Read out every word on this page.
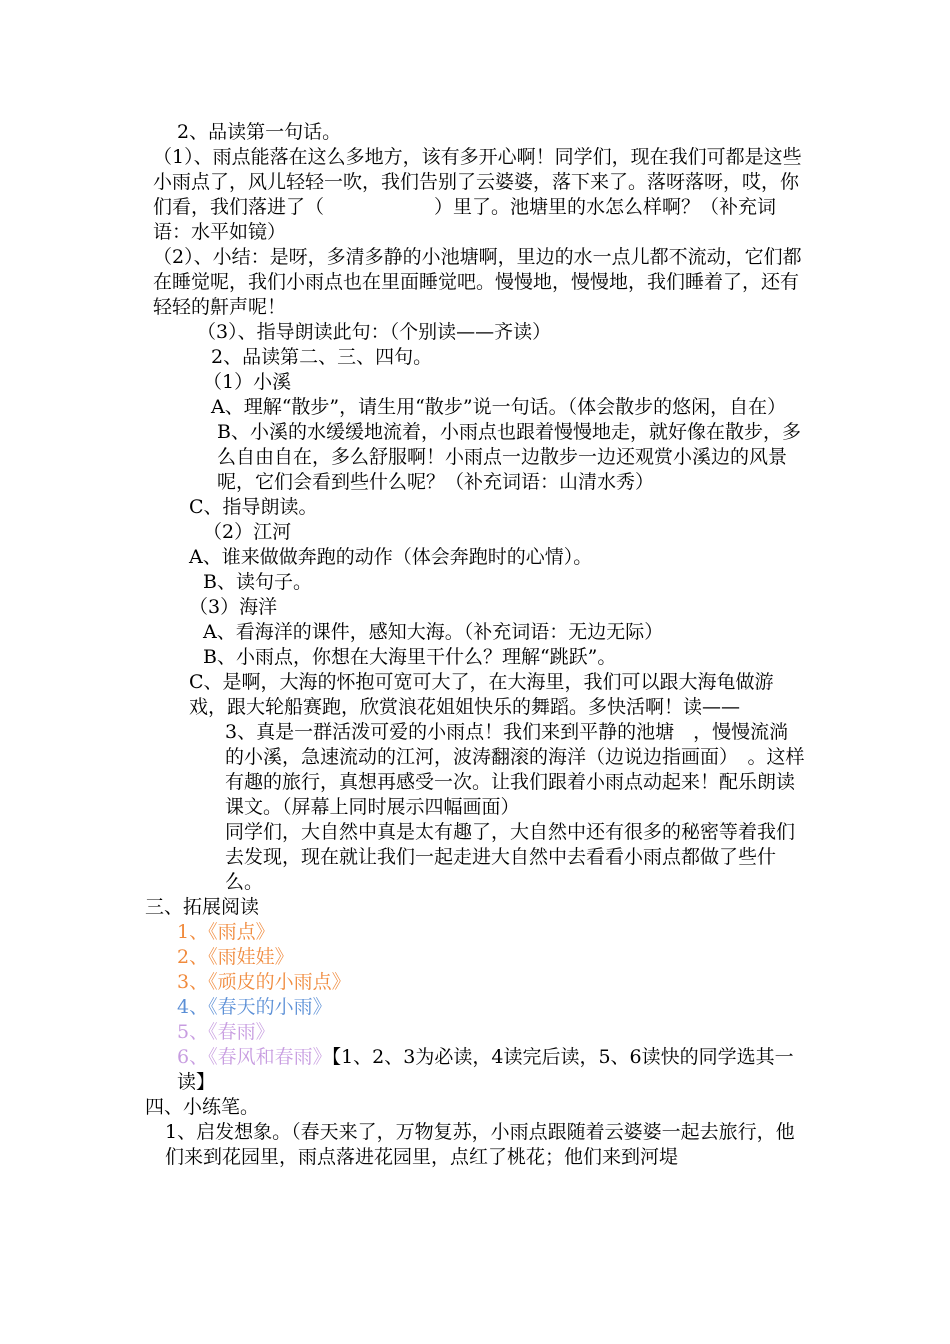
2、品读第一句话。

（1）、雨点能落在这么多地方，该有多开心啊！同学们，现在我们可都是这些小雨点了，风儿轻轻一吹，我们告别了云婆婆，落下来了。落呀落呀，哎，你们看，我们落进了（	）里了。池塘里的水怎么样啊？（补充词语：水平如镜）

（2）、小结：是呀，多清多静的小池塘啊，里边的水一点儿都不流动，它们都在睡觉呢，我们小雨点也在里面睡觉吧。慢慢地，慢慢地，我们睡着了，还有轻轻的鼾声呢！

（3）、指导朗读此句：（个别读——齐读）

2、品读第二、三、四句。

（1）小溪

A、理解“散步”，请生用“散步”说一句话。（体会散步的悠闲，自在）

B、小溪的水缓缓地流着，小雨点也跟着慢慢地走，就好像在散步，多么自由自在，多么舒服啊！小雨点一边散步一边还观赏小溪边的风景呢，它们会看到些什么呢？（补充词语：山清水秀）

C、指导朗读。

（2）江河

A、谁来做做奔跑的动作（体会奔跑时的心情）。

B、读句子。

（3）海洋

A、看海洋的课件，感知大海。（补充词语：无边无际）

B、小雨点，你想在大海里干什么？理解“跳跃”。

C、是啊，大海的怀抱可宽可大了，在大海里，我们可以跟大海龟做游戏，跟大轮船赛跑，欣赏浪花姐姐快乐的舞蹈。多快活啊！读——

3、真是一群活泼可爱的小雨点！我们来到平静的池塘　，慢慢流淌的小溪，急速流动的江河，波涛翻滚的海洋（边说边指画面）　。这样有趣的旅行，真想再感受一次。让我们跟着小雨点动起来！配乐朗读课文。（屏幕上同时展示四幅画面）

同学们，大自然中真是太有趣了，大自然中还有很多的秘密等着我们去发现，现在就让我们一起走进大自然中去看看小雨点都做了些什么。

三、拓展阅读

1、《雨点》

2、《雨娃娃》

3、《顽皮的小雨点》

4、《春天的小雨》

5、《春雨》

6、《春风和春雨》【1、2、3为必读，4读完后读，5、6读快的同学选其一读】

四、小练笔。

1、启发想象。（春天来了，万物复苏，小雨点跟随着云婆婆一起去旅行，他们来到花园里，雨点落进花园里，点红了桃花；他们来到河堤
